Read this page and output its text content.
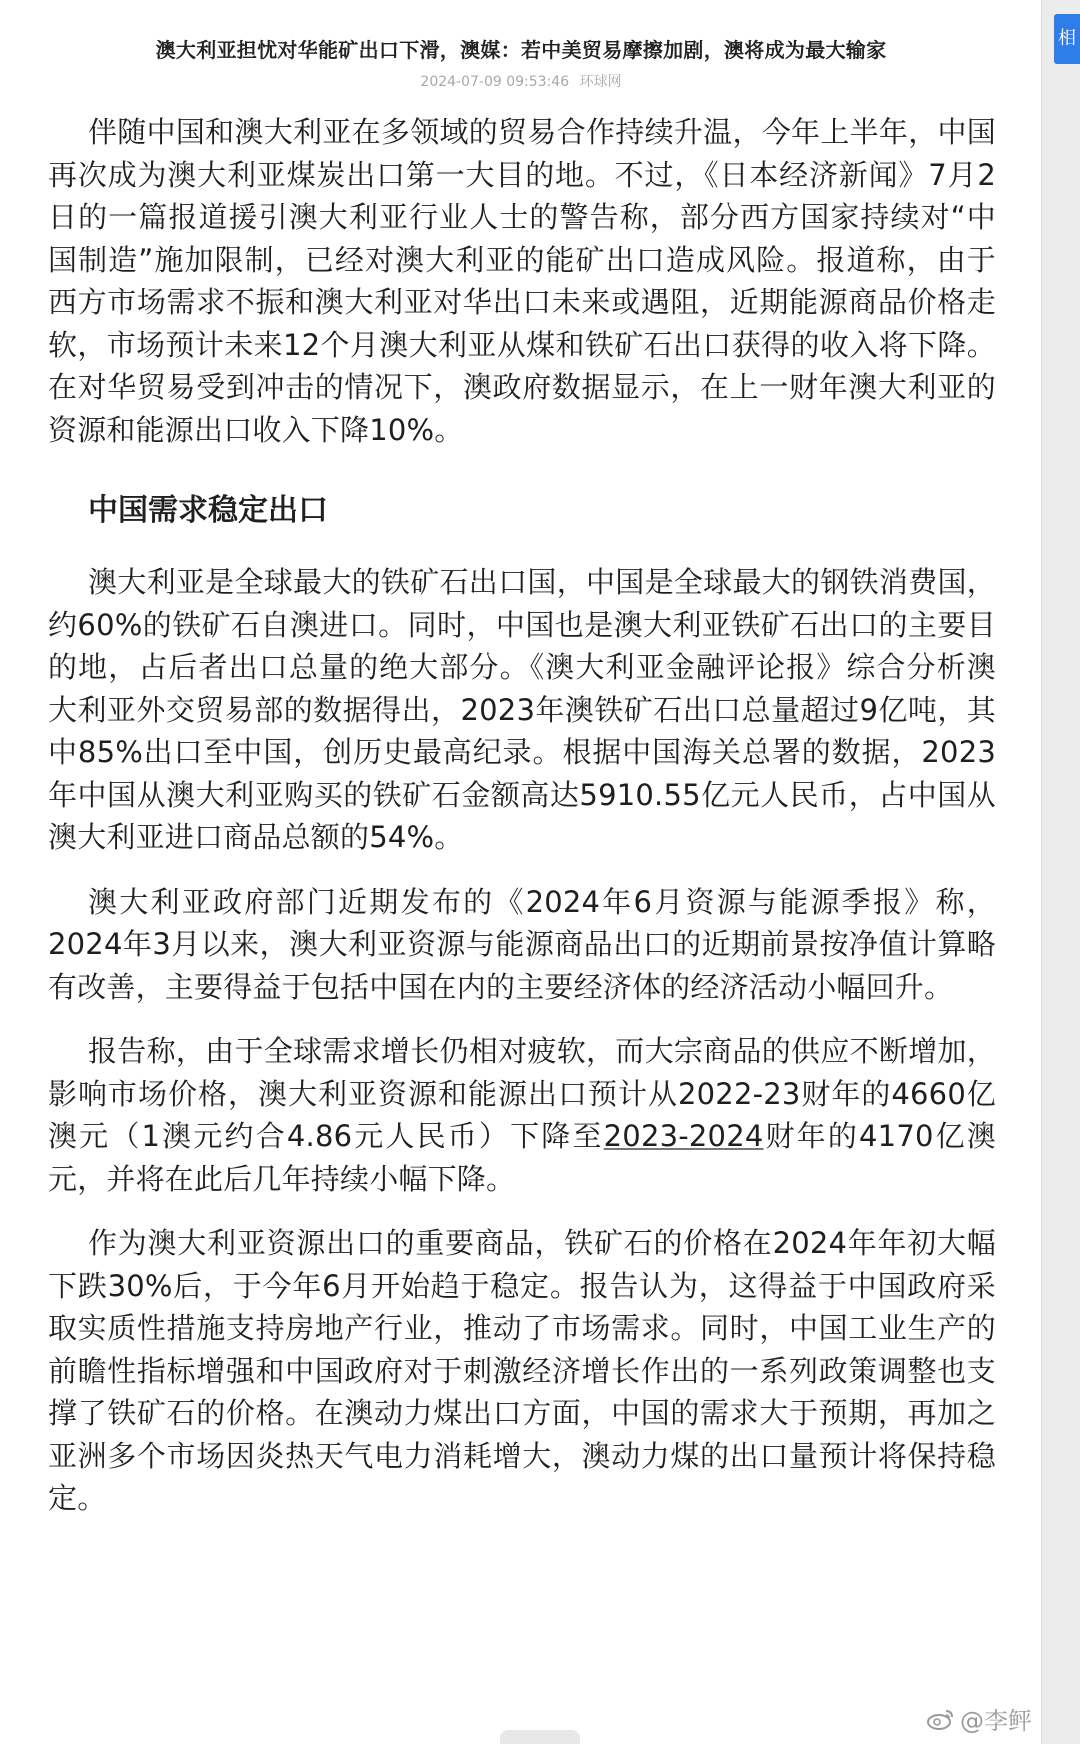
澳大利亚担忧对华能矿出口下滑，澳媒：若中美贸易摩擦加剧，澳将成为最大输家
2024-07-09 09:53:46 环球网

伴随中国和澳大利亚在多领域的贸易合作持续升温，今年上半年，中国再次成为澳大利亚煤炭出口第一大目的地。不过，《日本经济新闻》7月2日的一篇报道援引澳大利亚行业人士的警告称，部分西方国家持续对“中国制造”施加限制，已经对澳大利亚的能矿出口造成风险。报道称，由于西方市场需求不振和澳大利亚对华出口未来或遇阻，近期能源商品价格走软，市场预计未来12个月澳大利亚从煤和铁矿石出口获得的收入将下降。在对华贸易受到冲击的情况下，澳政府数据显示，在上一财年澳大利亚的资源和能源出口收入下降10%。

中国需求稳定出口

澳大利亚是全球最大的铁矿石出口国，中国是全球最大的钢铁消费国，约60%的铁矿石自澳进口。同时，中国也是澳大利亚铁矿石出口的主要目的地，占后者出口总量的绝大部分。《澳大利亚金融评论报》综合分析澳大利亚外交贸易部的数据得出，2023年澳铁矿石出口总量超过9亿吨，其中85%出口至中国，创历史最高纪录。根据中国海关总署的数据，2023年中国从澳大利亚购买的铁矿石金额高达5910.55亿元人民币，占中国从澳大利亚进口商品总额的54%。

澳大利亚政府部门近期发布的《2024年6月资源与能源季报》称，2024年3月以来，澳大利亚资源与能源商品出口的近期前景按净值计算略有改善，主要得益于包括中国在内的主要经济体的经济活动小幅回升。

报告称，由于全球需求增长仍相对疲软，而大宗商品的供应不断增加，影响市场价格，澳大利亚资源和能源出口预计从2022-23财年的4660亿澳元（1澳元约合4.86元人民币）下降至2023-2024财年的4170亿澳元，并将在此后几年持续小幅下降。

作为澳大利亚资源出口的重要商品，铁矿石的价格在2024年年初大幅下跌30%后，于今年6月开始趋于稳定。报告认为，这得益于中国政府采取实质性措施支持房地产行业，推动了市场需求。同时，中国工业生产的前瞻性指标增强和中国政府对于刺激经济增长作出的一系列政策调整也支撑了铁矿石的价格。在澳动力煤出口方面，中国的需求大于预期，再加之亚洲多个市场因炎热天气电力消耗增大，澳动力煤的出口量预计将保持稳定。

相
@李鲆
